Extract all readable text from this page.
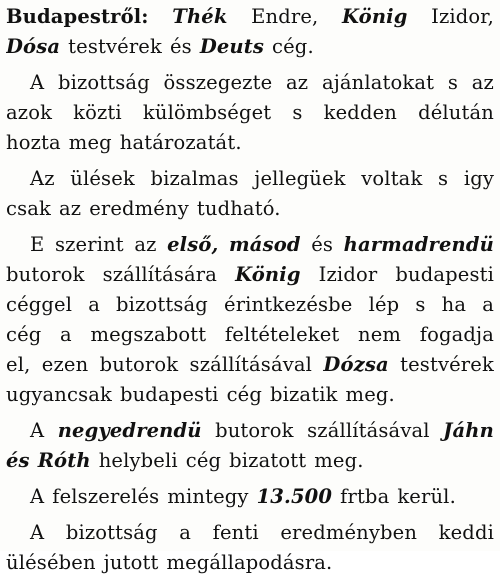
Budapestről: Thék Endre, König Izidor,
Dósa testvérek és Deuts cég.
A bizottság összegezte az ajánlatokat s az
azok közti külömbséget s kedden délután
hozta meg határozatát.
Az ülések bizalmas jellegüek voltak s igy
csak az eredmény tudható.
E szerint az első, másod és harmadrendü
butorok szállítására König Izidor budapesti
céggel a bizottság érintkezésbe lép s ha a
cég a megszabott feltételeket nem fogadja
el, ezen butorok szállításával Dózsa testvérek
ugyancsak budapesti cég bizatik meg.
A negyedrendü butorok szállításával Jáhn
és Róth helybeli cég bizatott meg.
A felszerelés mintegy 13.500 frtba kerül.
A bizottság a fenti eredményben keddi
ülésében jutott megállapodásra.
